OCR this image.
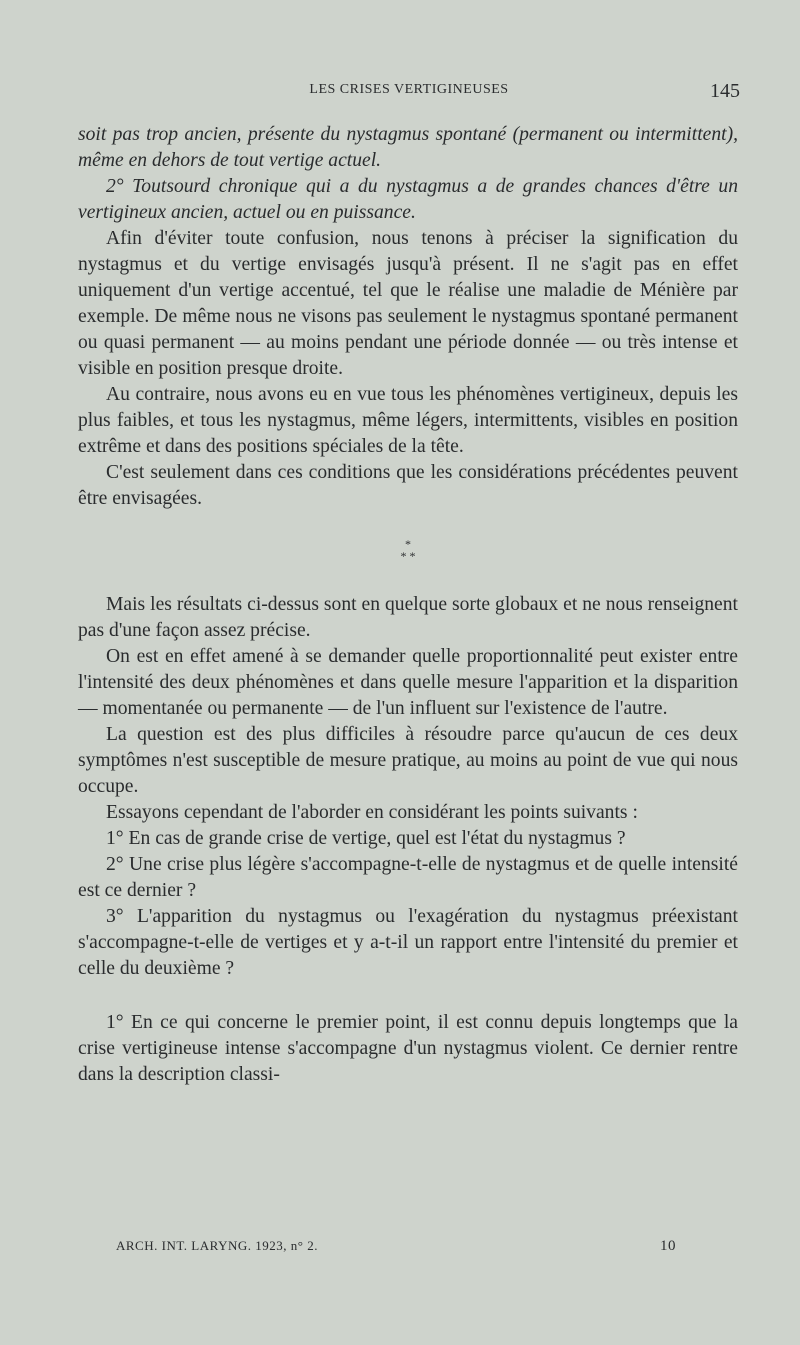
LES CRISES VERTIGINEUSES	145

soit pas trop ancien, présente du nystagmus spontané (permanent ou intermittent), même en dehors de tout vertige actuel.

2° Toutsourd chronique qui a du nystagmus a de grandes chances d'être un vertigineux ancien, actuel ou en puissance.

Afin d'éviter toute confusion, nous tenons à préciser la signification du nystagmus et du vertige envisagés jusqu'à présent. Il ne s'agit pas en effet uniquement d'un vertige accentué, tel que le réalise une maladie de Ménière par exemple. De même nous ne visons pas seulement le nystagmus spontané permanent ou quasi permanent — au moins pendant une période donnée — ou très intense et visible en position presque droite.

Au contraire, nous avons eu en vue tous les phénomènes vertigineux, depuis les plus faibles, et tous les nystagmus, même légers, intermittents, visibles en position extrême et dans des positions spéciales de la tête.

C'est seulement dans ces conditions que les considérations précédentes peuvent être envisagées.

*
* *

Mais les résultats ci-dessus sont en quelque sorte globaux et ne nous renseignent pas d'une façon assez précise.

On est en effet amené à se demander quelle proportionnalité peut exister entre l'intensité des deux phénomènes et dans quelle mesure l'apparition et la disparition — momentanée ou permanente — de l'un influent sur l'existence de l'autre.

La question est des plus difficiles à résoudre parce qu'aucun de ces deux symptômes n'est susceptible de mesure pratique, au moins au point de vue qui nous occupe.

Essayons cependant de l'aborder en considérant les points suivants :

1° En cas de grande crise de vertige, quel est l'état du nystagmus ?

2° Une crise plus légère s'accompagne-t-elle de nystagmus et de quelle intensité est ce dernier ?

3° L'apparition du nystagmus ou l'exagération du nystagmus préexistant s'accompagne-t-elle de vertiges et y a-t-il un rapport entre l'intensité du premier et celle du deuxième ?

1° En ce qui concerne le premier point, il est connu depuis longtemps que la crise vertigineuse intense s'accompagne d'un nystagmus violent. Ce dernier rentre dans la description classi-

ARCH. INT. LARYNG. 1923, n° 2.	10
